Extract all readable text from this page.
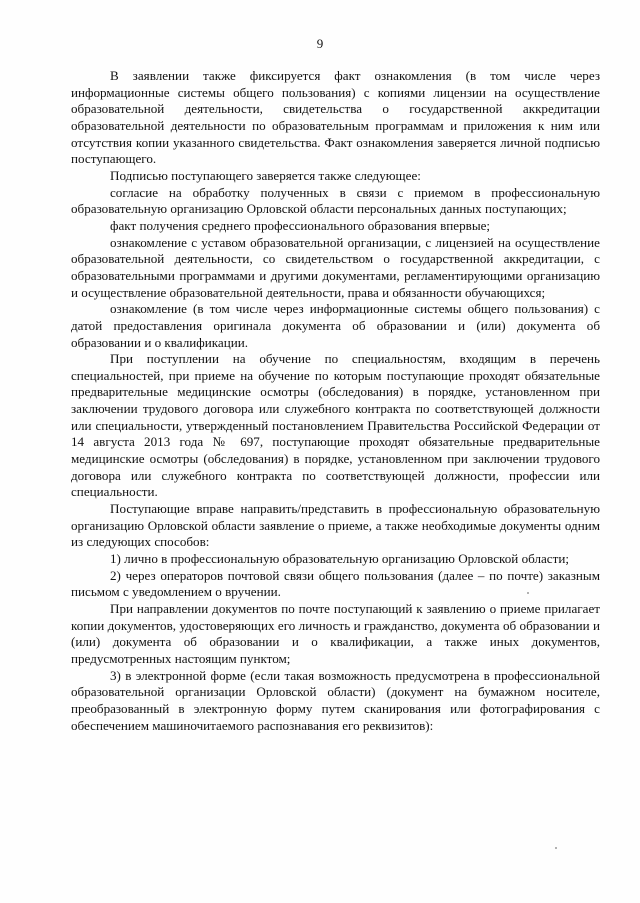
9

В заявлении также фиксируется факт ознакомления (в том числе через информационные системы общего пользования) с копиями лицензии на осуществление образовательной деятельности, свидетельства о государственной аккредитации образовательной деятельности по образовательным программам и приложения к ним или отсутствия копии указанного свидетельства. Факт ознакомления заверяется личной подписью поступающего.

Подписью поступающего заверяется также следующее:

согласие на обработку полученных в связи с приемом в профессиональную образовательную организацию Орловской области персональных данных поступающих;

факт получения среднего профессионального образования впервые;

ознакомление с уставом образовательной организации, с лицензией на осуществление образовательной деятельности, со свидетельством о государственной аккредитации, с образовательными программами и другими документами, регламентирующими организацию и осуществление образовательной деятельности, права и обязанности обучающихся;

ознакомление (в том числе через информационные системы общего пользования) с датой предоставления оригинала документа об образовании и (или) документа об образовании и о квалификации.

При поступлении на обучение по специальностям, входящим в перечень специальностей, при приеме на обучение по которым поступающие проходят обязательные предварительные медицинские осмотры (обследования) в порядке, установленном при заключении трудового договора или служебного контракта по соответствующей должности или специальности, утвержденный постановлением Правительства Российской Федерации от 14 августа 2013 года № 697, поступающие проходят обязательные предварительные медицинские осмотры (обследования) в порядке, установленном при заключении трудового договора или служебного контракта по соответствующей должности, профессии или специальности.

Поступающие вправе направить/представить в профессиональную образовательную организацию Орловской области заявление о приеме, а также необходимые документы одним из следующих способов:

1) лично в профессиональную образовательную организацию Орловской области;

2) через операторов почтовой связи общего пользования (далее – по почте) заказным письмом с уведомлением о вручении.

При направлении документов по почте поступающий к заявлению о приеме прилагает копии документов, удостоверяющих его личность и гражданство, документа об образовании и (или) документа об образовании и о квалификации, а также иных документов, предусмотренных настоящим пунктом;

3) в электронной форме (если такая возможность предусмотрена в профессиональной образовательной организации Орловской области) (документ на бумажном носителе, преобразованный в электронную форму путем сканирования или фотографирования с обеспечением машиночитаемого распознавания его реквизитов):
